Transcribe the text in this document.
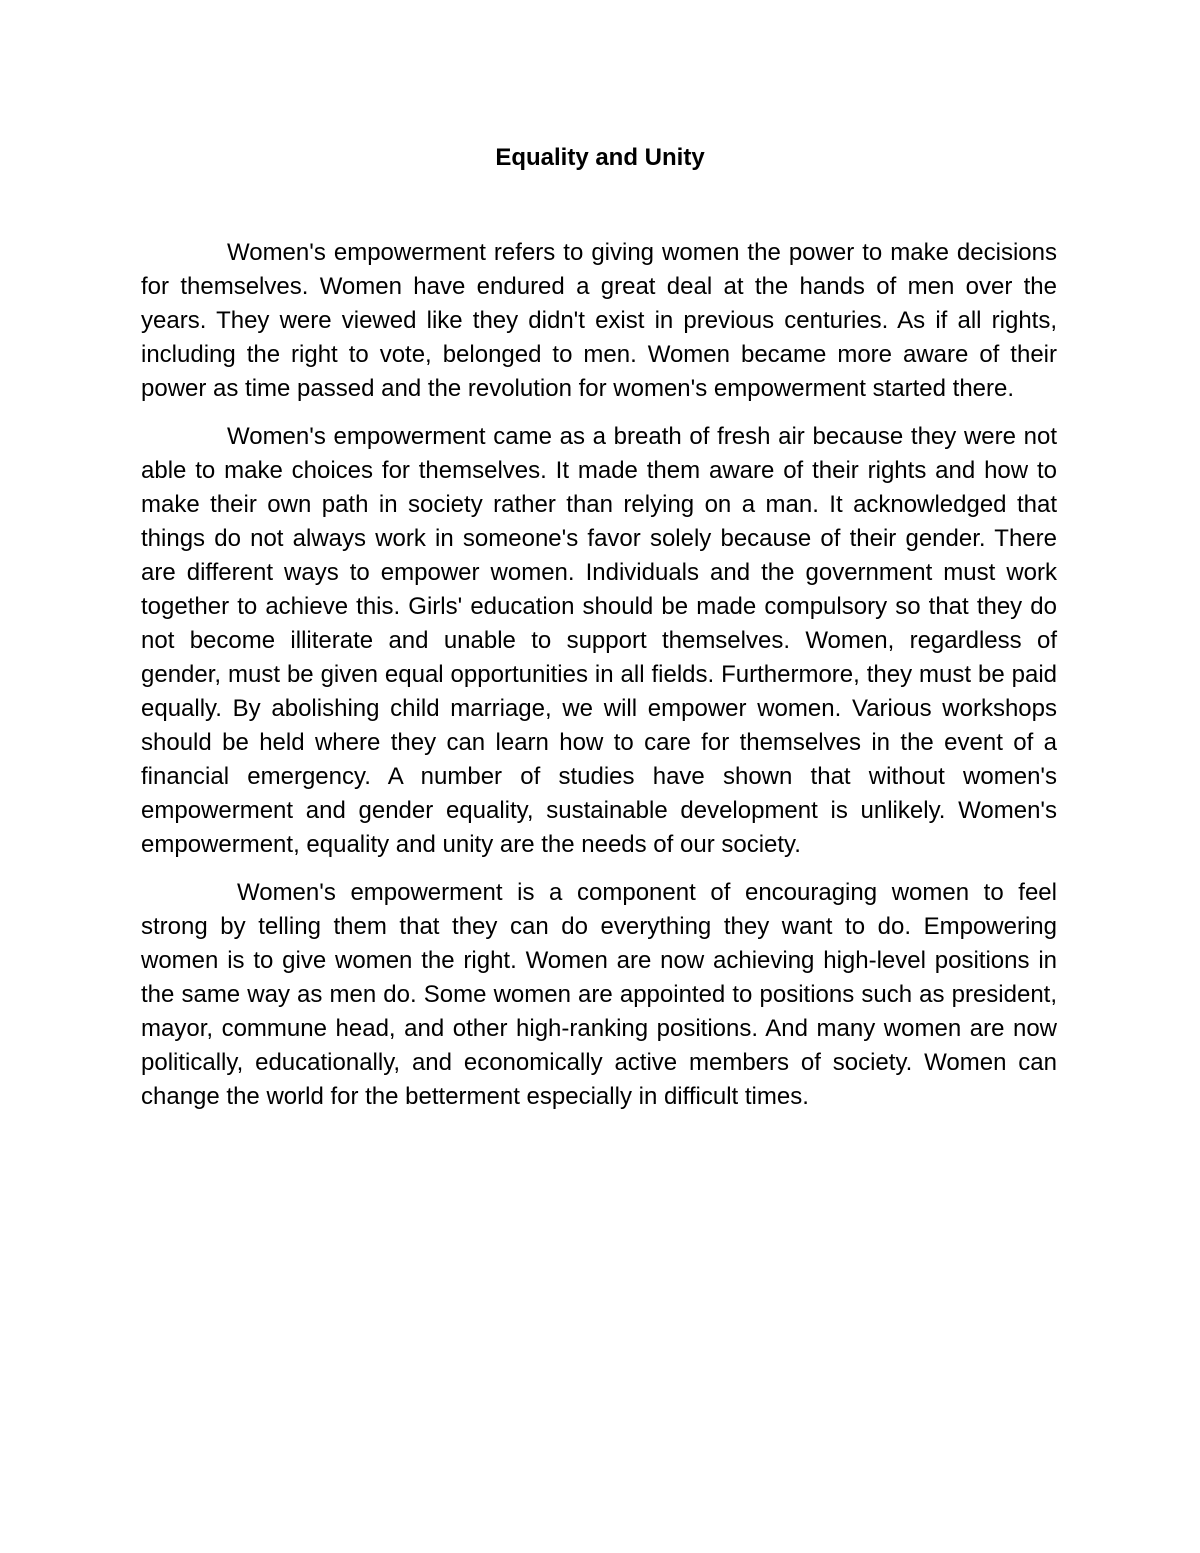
Equality and Unity

Women's empowerment refers to giving women the power to make decisions for themselves. Women have endured a great deal at the hands of men over the years. They were viewed like they didn't exist in previous centuries. As if all rights, including the right to vote, belonged to men. Women became more aware of their power as time passed and the revolution for women's empowerment started there.

Women's empowerment came as a breath of fresh air because they were not able to make choices for themselves. It made them aware of their rights and how to make their own path in society rather than relying on a man. It acknowledged that things do not always work in someone's favor solely because of their gender. There are different ways to empower women. Individuals and the government must work together to achieve this. Girls' education should be made compulsory so that they do not become illiterate and unable to support themselves. Women, regardless of gender, must be given equal opportunities in all fields. Furthermore, they must be paid equally. By abolishing child marriage, we will empower women. Various workshops should be held where they can learn how to care for themselves in the event of a financial emergency. A number of studies have shown that without women's empowerment and gender equality, sustainable development is unlikely. Women's empowerment, equality and unity are the needs of our society.

Women's empowerment is a component of encouraging women to feel strong by telling them that they can do everything they want to do. Empowering women is to give women the right. Women are now achieving high-level positions in the same way as men do. Some women are appointed to positions such as president, mayor, commune head, and other high-ranking positions. And many women are now politically, educationally, and economically active members of society. Women can change the world for the betterment especially in difficult times.
